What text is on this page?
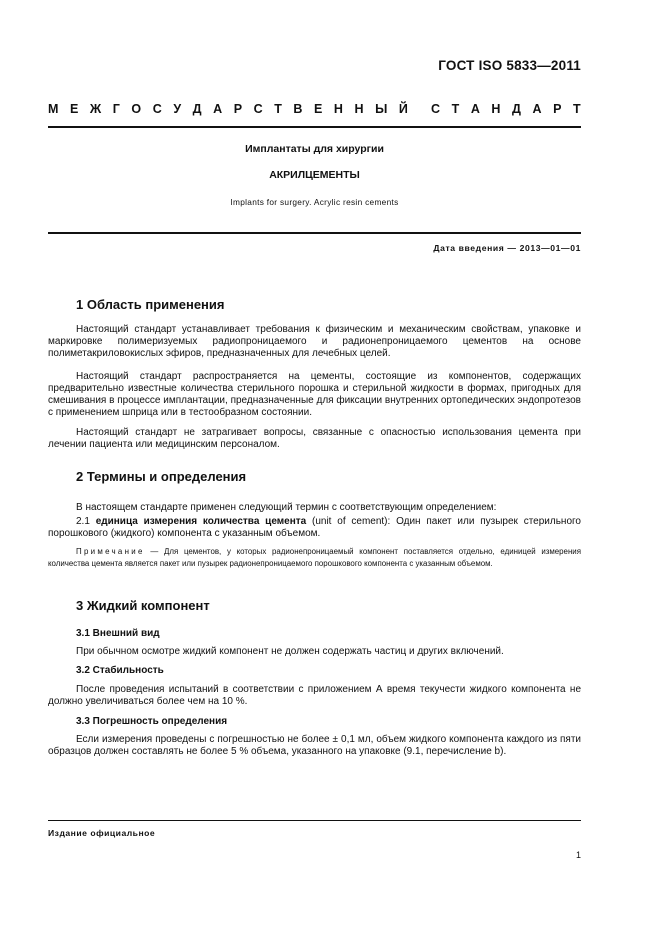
ГОСТ ISO 5833—2011
М Е Ж Г О С У Д А Р С Т В Е Н Н Ы Й С Т А Н Д А Р Т
Имплантаты для хирургии
АКРИЛЦЕМЕНТЫ
Implants for surgery. Acrylic resin cements
Дата введения — 2013—01—01
1 Область применения

Настоящий стандарт устанавливает требования к физическим и механическим свойствам, упаковке и маркировке полимеризуемых радиопроницаемого и радионепроницаемого цементов на основе полиметакриловокислых эфиров, предназначенных для лечебных целей.

Настоящий стандарт распространяется на цементы, состоящие из компонентов, содержащих предварительно известные количества стерильного порошка и стерильной жидкости в формах, пригодных для смешивания в процессе имплантации, предназначенные для фиксации внутренних ортопедических эндопротезов с применением шприца или в тестообразном состоянии.

Настоящий стандарт не затрагивает вопросы, связанные с опасностью использования цемента при лечении пациента или медицинским персоналом.

2 Термины и определения

В настоящем стандарте применен следующий термин с соответствующим определением:

2.1 единица измерения количества цемента (unit of cement): Один пакет или пузырек стерильного порошкового (жидкого) компонента с указанным объемом.

Примечание — Для цементов, у которых радионепроницаемый компонент поставляется отдельно, единицей измерения количества цемента является пакет или пузырек радионепроницаемого порошкового компонента с указанным объемом.

3 Жидкий компонент
3.1 Внешний вид

При обычном осмотре жидкий компонент не должен содержать частиц и других включений.

3.2 Стабильность

После проведения испытаний в соответствии с приложением А время текучести жидкого компонента не должно увеличиваться более чем на 10 %.

3.3 Погрешность определения

Если измерения проведены с погрешностью не более ± 0,1 мл, объем жидкого компонента каждого из пяти образцов должен составлять не более 5 % объема, указанного на упаковке (9.1, перечисление b).

Издание официальное
1
